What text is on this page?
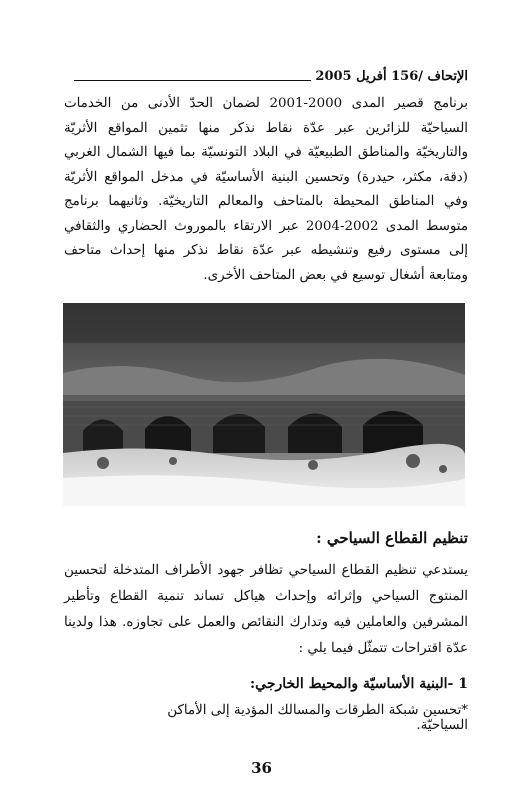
الإتحاف /156 أفريل 2005

برنامج قصير المدى 2000-2001 لضمان الحدّ الأدنى من الخدمات السياحيّة للزائرين عبر عدّة نقاط نذكر منها تثمين المواقع الأثريّة والتاريخيّة والمناطق الطبيعيّة في البلاد التونسيّة بما فيها الشمال الغربي (دقة، مكثر، حيدرة) وتحسين البنية الأساسيّة في مدخل المواقع الأثريّة وفي المناطق المحيطة بالمتاحف والمعالم التاريخيّة. وثانيهما برنامج متوسط المدى 2002-2004 عبر الارتقاء بالموروث الحضاري والثقافي إلى مستوى رفيع وتنشيطه عبر عدّة نقاط نذكر منها إحداث متاحف ومتابعة أشغال توسيع في بعض المتاحف الأخرى.

تنظيم القطاع السياحي :

يستدعي تنظيم القطاع السياحي تظافر جهود الأطراف المتدخلة لتحسين المنتوج السياحي وإثرائه وإحداث هياكل تساند تنمية القطاع وتأطير المشرفين والعاملين فيه وتدارك النقائص والعمل على تجاوزه. هذا ولدينا عدّة اقتراحات تتمثّل فيما يلي :

1 -البنية الأساسيّة والمحيط الخارجي:
*تحسين شبكة الطرقات والمسالك المؤدية إلى الأماكن السياحيّة.
36
